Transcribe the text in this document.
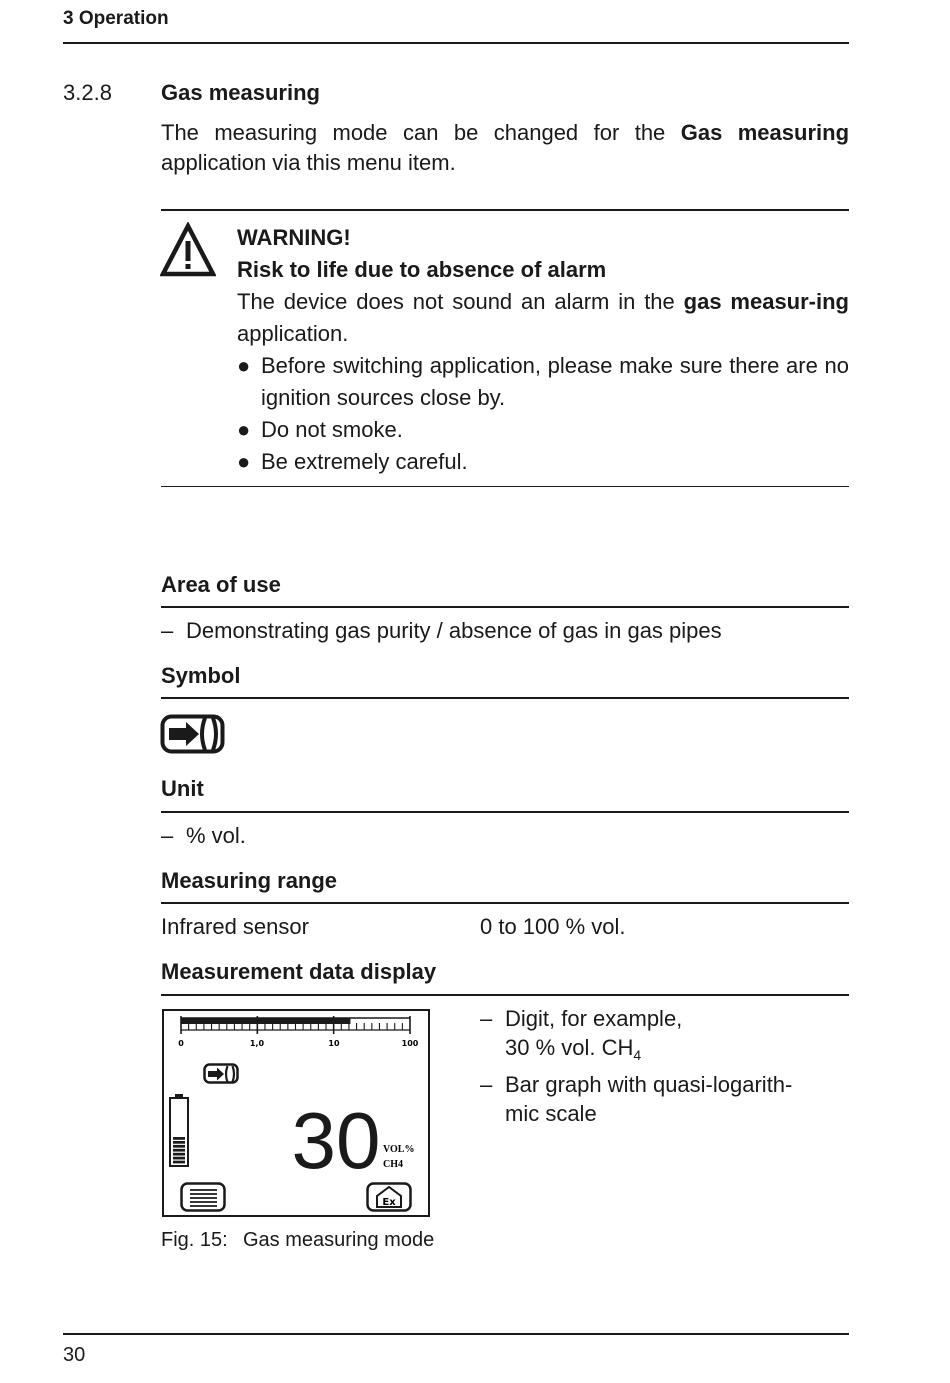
3 Operation
3.2.8 Gas measuring
The measuring mode can be changed for the Gas measuring application via this menu item.
WARNING!
Risk to life due to absence of alarm
The device does not sound an alarm in the gas measur-ing application.
● Before switching application, please make sure there are no ignition sources close by.
● Do not smoke.
● Be extremely careful.
Area of use
– Demonstrating gas purity / absence of gas in gas pipes
Symbol
Unit
– % vol.
Measuring range
Infrared sensor	0 to 100 % vol.
Measurement data display
0	1,0	10	100
30 VOL%
CH4
Ex
– Digit, for example,
30 % vol. $CH_4$
– Bar graph with quasi-logarith-
mic scale
Fig. 15: Gas measuring mode
30
